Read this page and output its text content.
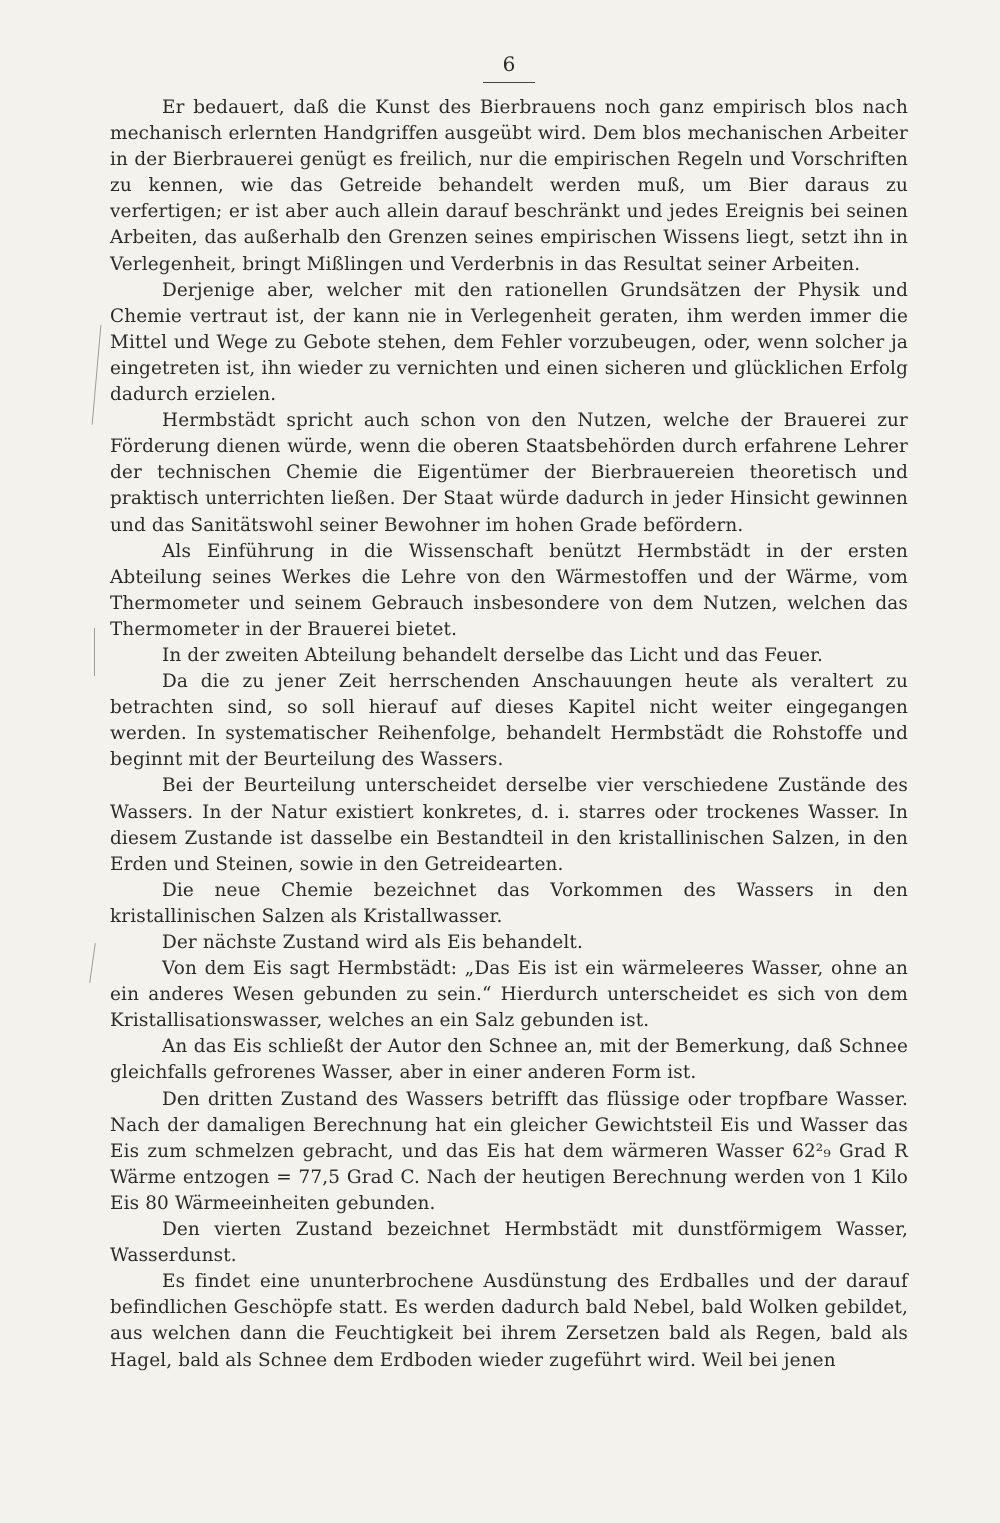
6

Er bedauert, daß die Kunst des Bierbrauens noch ganz empirisch blos nach mechanisch erlernten Handgriffen ausgeübt wird. Dem blos mechanischen Arbeiter in der Bierbrauerei genügt es freilich, nur die empirischen Regeln und Vorschriften zu kennen, wie das Getreide behandelt werden muß, um Bier daraus zu verfertigen; er ist aber auch allein darauf beschränkt und jedes Ereignis bei seinen Arbeiten, das außerhalb den Grenzen seines empirischen Wissens liegt, setzt ihn in Verlegenheit, bringt Mißlingen und Verderbnis in das Resultat seiner Arbeiten.

Derjenige aber, welcher mit den rationellen Grundsätzen der Physik und Chemie vertraut ist, der kann nie in Verlegenheit geraten, ihm werden immer die Mittel und Wege zu Gebote stehen, dem Fehler vorzubeugen, oder, wenn solcher ja eingetreten ist, ihn wieder zu vernichten und einen sicheren und glücklichen Erfolg dadurch erzielen.

Hermbstädt spricht auch schon von den Nutzen, welche der Brauerei zur Förderung dienen würde, wenn die oberen Staatsbehörden durch erfahrene Lehrer der technischen Chemie die Eigentümer der Bierbrauereien theoretisch und praktisch unterrichten ließen. Der Staat würde dadurch in jeder Hinsicht gewinnen und das Sanitätswohl seiner Bewohner im hohen Grade befördern.

Als Einführung in die Wissenschaft benützt Hermbstädt in der ersten Abteilung seines Werkes die Lehre von den Wärmestoffen und der Wärme, vom Thermometer und seinem Gebrauch insbesondere von dem Nutzen, welchen das Thermometer in der Brauerei bietet.

In der zweiten Abteilung behandelt derselbe das Licht und das Feuer.

Da die zu jener Zeit herrschenden Anschauungen heute als veraltert zu betrachten sind, so soll hierauf auf dieses Kapitel nicht weiter eingegangen werden. In systematischer Reihenfolge, behandelt Hermbstädt die Rohstoffe und beginnt mit der Beurteilung des Wassers.

Bei der Beurteilung unterscheidet derselbe vier verschiedene Zustände des Wassers. In der Natur existiert konkretes, d. i. starres oder trockenes Wasser. In diesem Zustande ist dasselbe ein Bestandteil in den kristallinischen Salzen, in den Erden und Steinen, sowie in den Getreidearten.

Die neue Chemie bezeichnet das Vorkommen des Wassers in den kristallinischen Salzen als Kristallwasser.

Der nächste Zustand wird als Eis behandelt.

Von dem Eis sagt Hermbstädt: „Das Eis ist ein wärmeleeres Wasser, ohne an ein anderes Wesen gebunden zu sein.“ Hierdurch unterscheidet es sich von dem Kristallisationswasser, welches an ein Salz gebunden ist.

An das Eis schließt der Autor den Schnee an, mit der Bemerkung, daß Schnee gleichfalls gefrorenes Wasser, aber in einer anderen Form ist.

Den dritten Zustand des Wassers betrifft das flüssige oder tropfbare Wasser. Nach der damaligen Berechnung hat ein gleicher Gewichtsteil Eis und Wasser das Eis zum schmelzen gebracht, und das Eis hat dem wärmeren Wasser 62²₉ Grad R Wärme entzogen = 77,5 Grad C. Nach der heutigen Berechnung werden von 1 Kilo Eis 80 Wärmeeinheiten gebunden.

Den vierten Zustand bezeichnet Hermbstädt mit dunstförmigem Wasser, Wasserdunst.

Es findet eine ununterbrochene Ausdünstung des Erdballes und der darauf befindlichen Geschöpfe statt. Es werden dadurch bald Nebel, bald Wolken gebildet, aus welchen dann die Feuchtigkeit bei ihrem Zersetzen bald als Regen, bald als Hagel, bald als Schnee dem Erdboden wieder zugeführt wird. Weil bei jenen
